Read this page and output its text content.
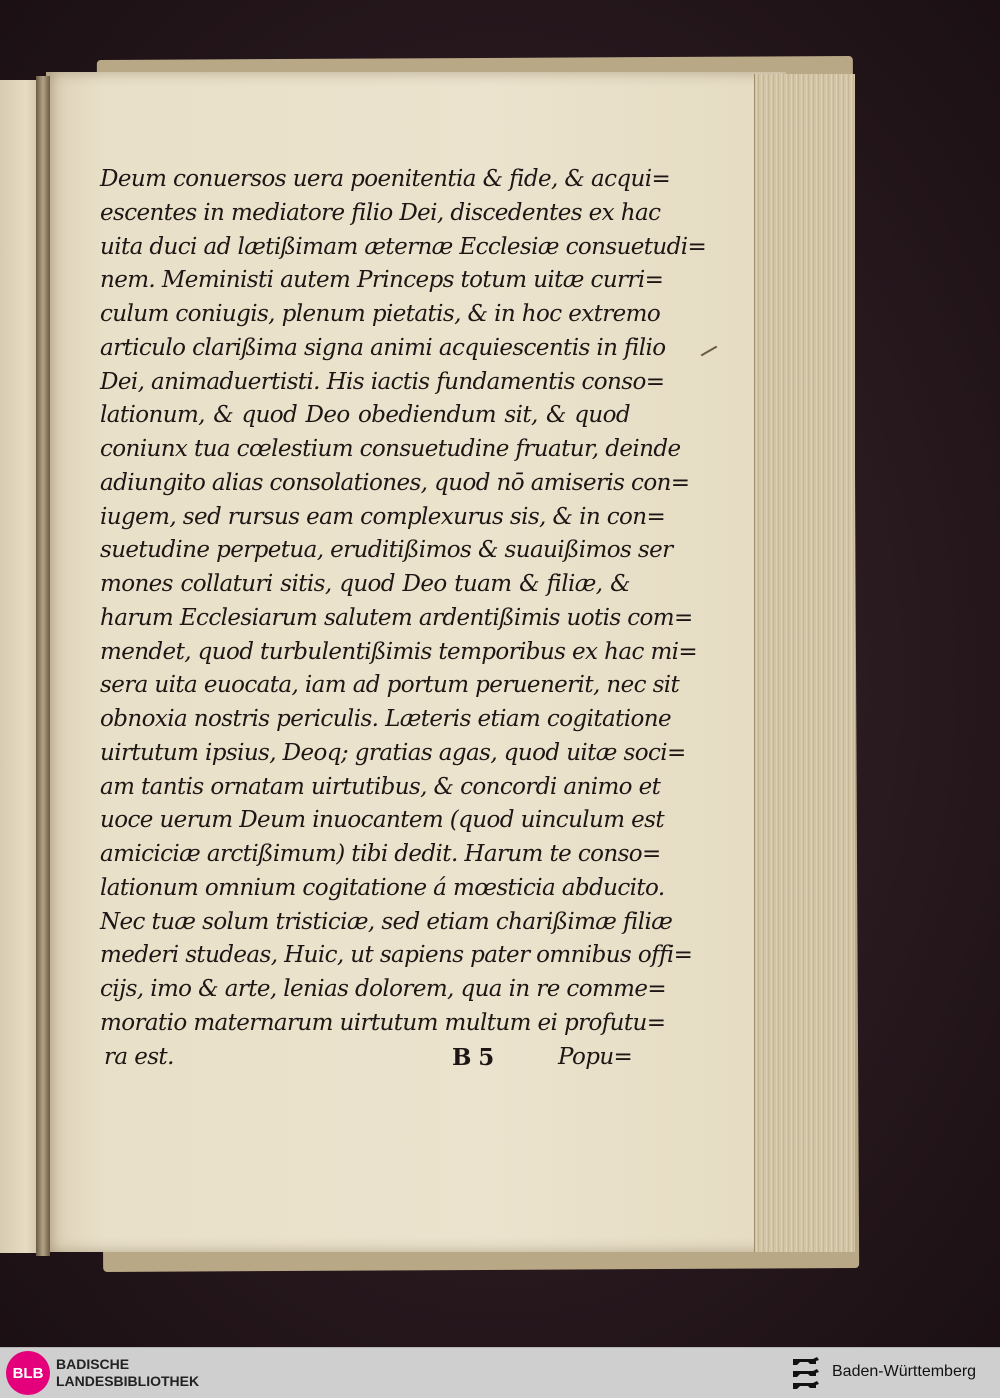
Deum conuersos uera poenitentia & fide, & acqui=
escentes in mediatore filio Dei, discedentes ex hac
uita duci ad lætißimam æternæ Ecclesiæ consuetudi=
nem. Meministi autem Princeps totum uitæ curri=
culum coniugis, plenum pietatis, & in hoc extremo
articulo clarißima signa animi acquiescentis in filio
Dei, animaduertisti. His iactis fundamentis conso=
lationum, & quod Deo obediendum sit, & quod
coniunx tua cœlestium consuetudine fruatur, deinde
adiungito alias consolationes, quod nō amiseris con=
iugem, sed rursus eam complexurus sis, & in con=
suetudine perpetua, eruditißimos & suauißimos ser
mones collaturi sitis, quod Deo tuam & filiæ, &
harum Ecclesiarum salutem ardentißimis uotis com=
mendet, quod turbulentißimis temporibus ex hac mi=
sera uita euocata, iam ad portum peruenerit, nec sit
obnoxia nostris periculis. Læteris etiam cogitatione
uirtutum ipsius, Deoq; gratias agas, quod uitæ soci=
am tantis ornatam uirtutibus, & concordi animo et
uoce uerum Deum inuocantem (quod uinculum est
amiciciæ arctißimum) tibi dedit. Harum te conso=
lationum omnium cogitatione á mœsticia abducito.
Nec tuæ solum tristiciæ, sed etiam charißimæ filiæ
mederi studeas, Huic, ut sapiens pater omnibus offi=
cijs, imo & arte, lenias dolorem, qua in re comme=
moratio maternarum uirtutum multum ei profutu=
ra est.	B 5	Popu=
BLB
BADISCHE
LANDESBIBLIOTHEK
Baden-Württemberg
